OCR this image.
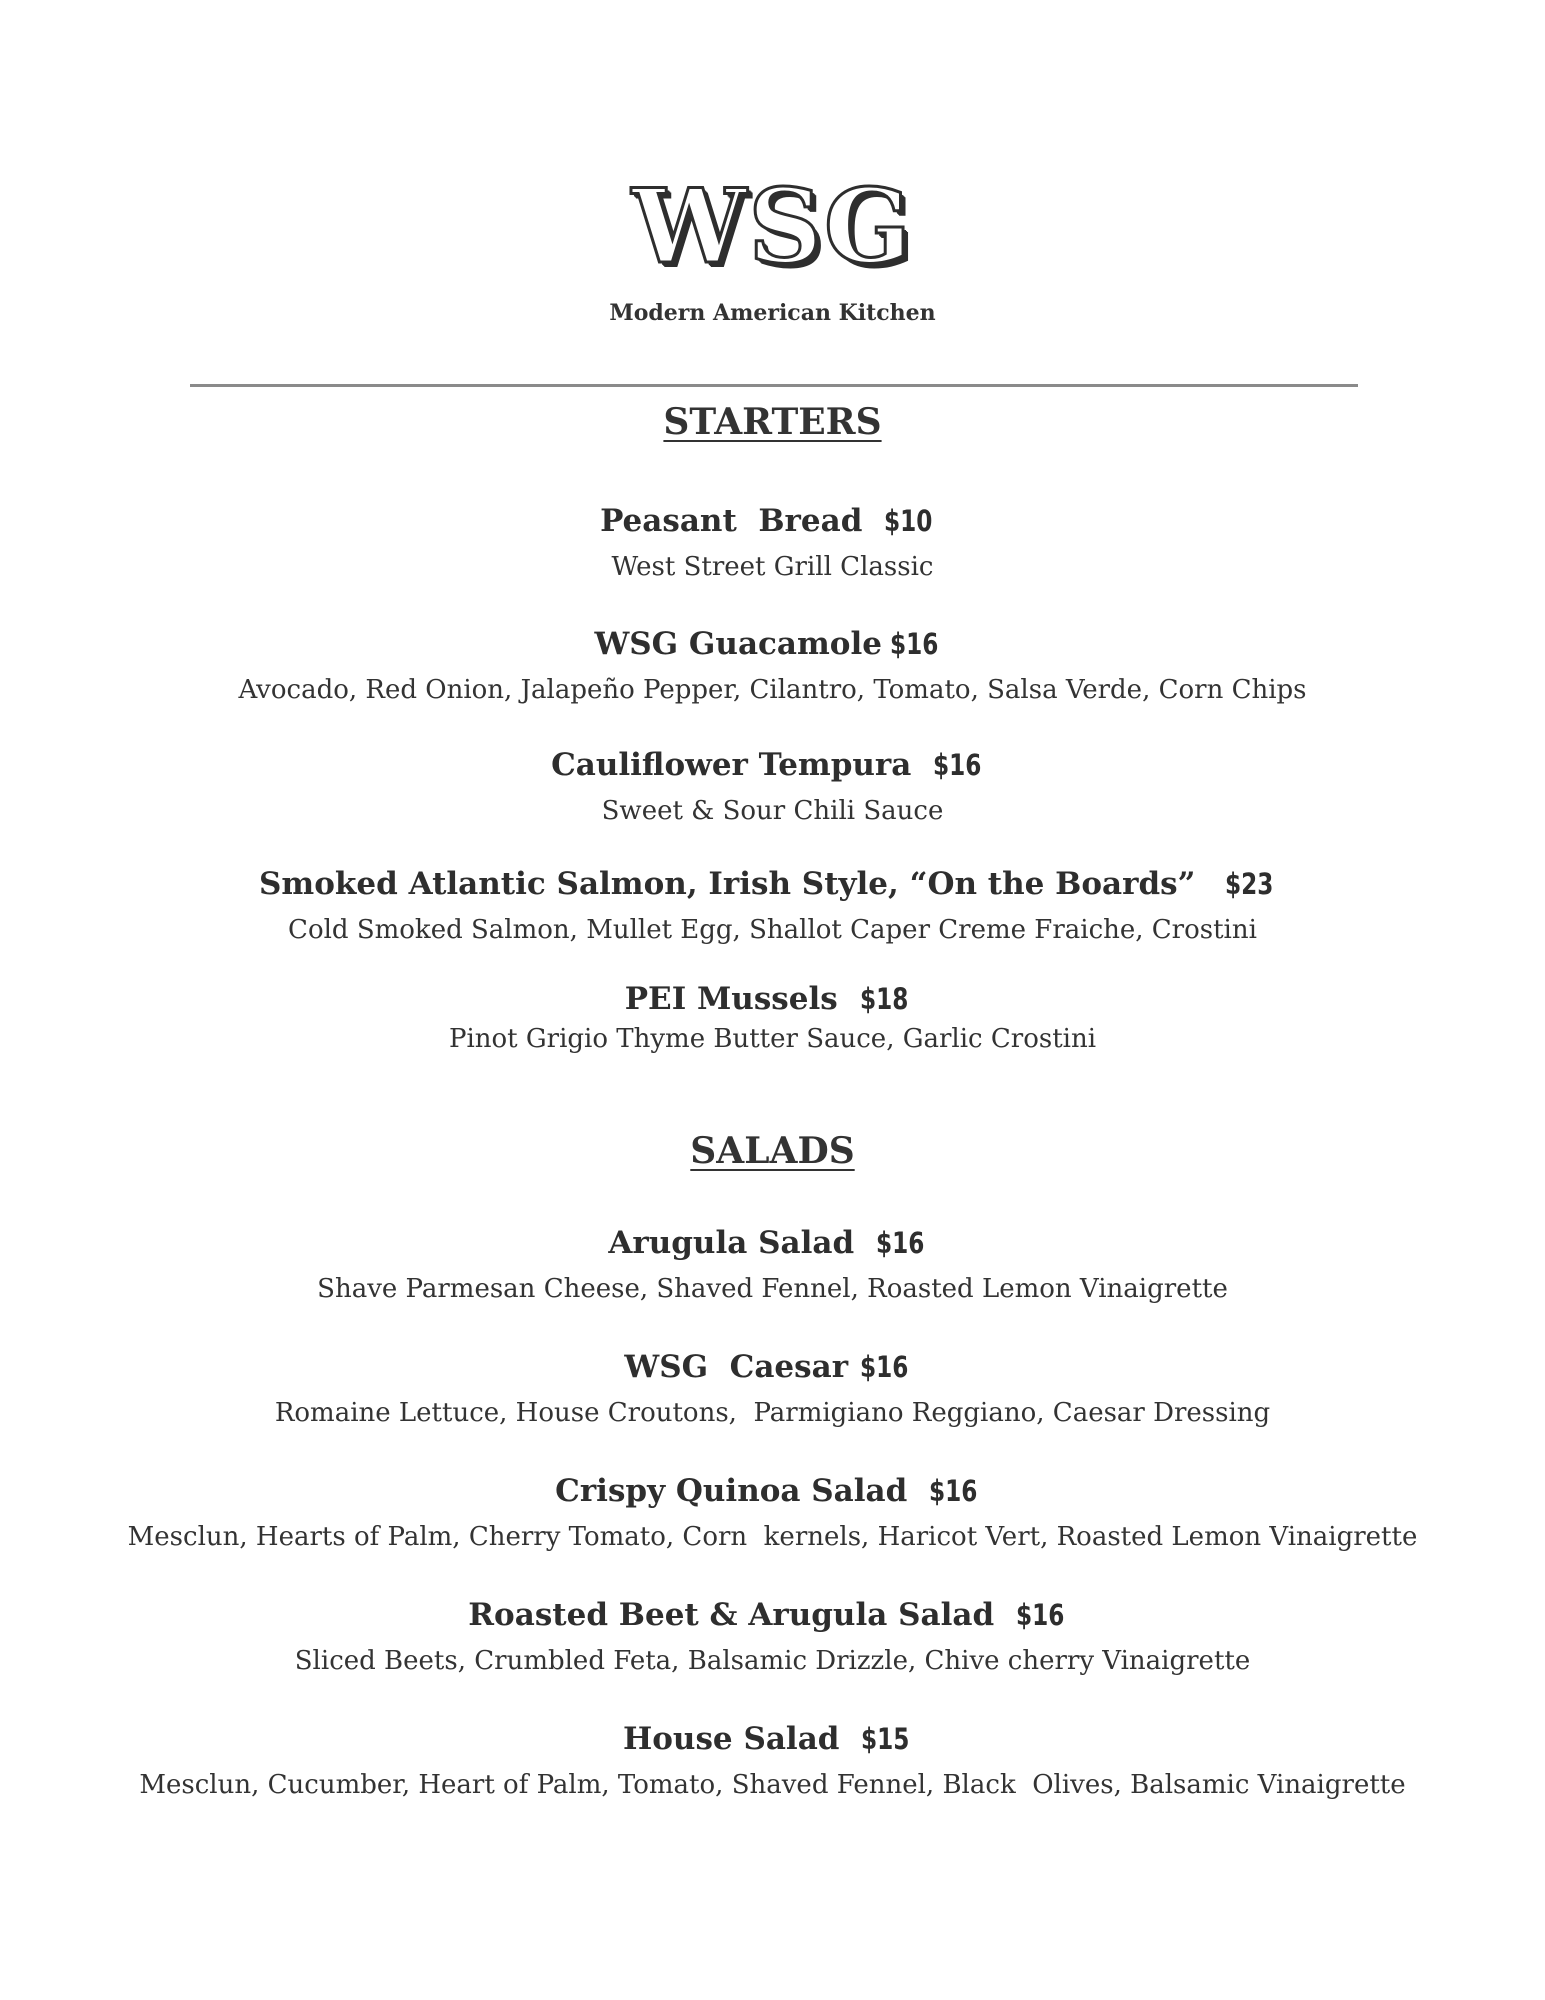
WSG
Modern American Kitchen
STARTERS
Peasant  Bread $10
West Street Grill Classic
WSG Guacamole $16
Avocado, Red Onion, Jalapeño Pepper, Cilantro, Tomato, Salsa Verde, Corn Chips
Cauliflower Tempura $16
Sweet & Sour Chili Sauce
Smoked Atlantic Salmon, Irish Style, “On the Boards” $23
Cold Smoked Salmon, Mullet Egg, Shallot Caper Creme Fraiche, Crostini
PEI Mussels $18
Pinot Grigio Thyme Butter Sauce, Garlic Crostini
SALADS
Arugula Salad $16
Shave Parmesan Cheese, Shaved Fennel, Roasted Lemon Vinaigrette
WSG  Caesar $16
Romaine Lettuce, House Croutons,  Parmigiano Reggiano, Caesar Dressing
Crispy Quinoa Salad $16
Mesclun, Hearts of Palm, Cherry Tomato, Corn  kernels, Haricot Vert, Roasted Lemon Vinaigrette
Roasted Beet & Arugula Salad $16
Sliced Beets, Crumbled Feta, Balsamic Drizzle, Chive cherry Vinaigrette
House Salad $15
Mesclun, Cucumber, Heart of Palm, Tomato, Shaved Fennel, Black  Olives, Balsamic Vinaigrette
